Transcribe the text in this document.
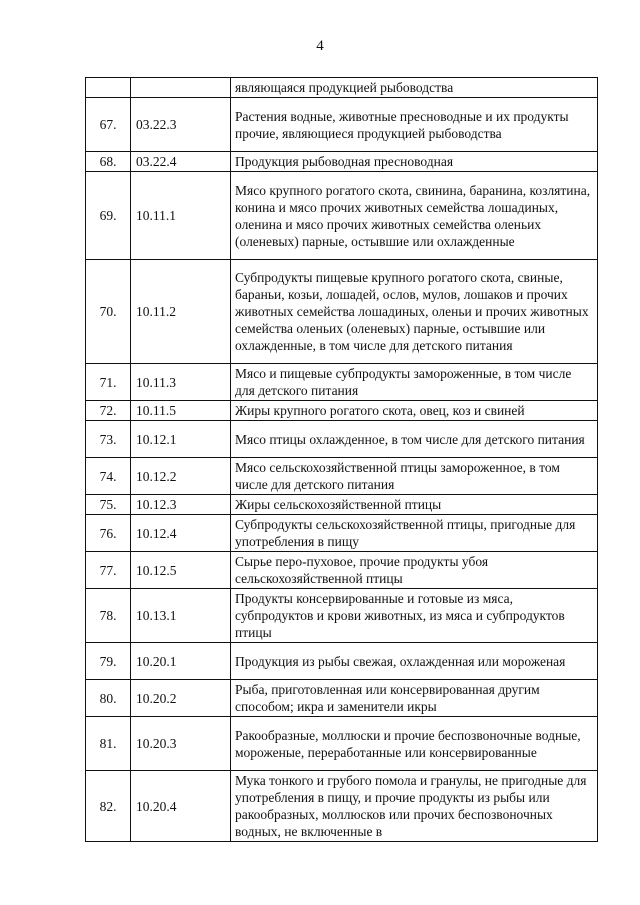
4
		являющаяся продукцией рыбоводства
67.	03.22.3	Растения водные, животные пресноводные и их продукты прочие, являющиеся продукцией рыбоводства
68.	03.22.4	Продукция рыбоводная пресноводная
69.	10.11.1	Мясо крупного рогатого скота, свинина, баранина, козлятина, конина и мясо прочих животных семейства лошадиных, оленина и мясо прочих животных семейства оленьих (оленевых) парные, остывшие или охлажденные
70.	10.11.2	Субпродукты пищевые крупного рогатого скота, свиные, бараньи, козьи, лошадей, ослов, мулов, лошаков и прочих животных семейства лошадиных, оленьи и прочих животных семейства оленьих (оленевых) парные, остывшие или охлажденные, в том числе для детского питания
71.	10.11.3	Мясо и пищевые субпродукты замороженные, в том числе для детского питания
72.	10.11.5	Жиры крупного рогатого скота, овец, коз и свиней
73.	10.12.1	Мясо птицы охлажденное, в том числе для детского питания
74.	10.12.2	Мясо сельскохозяйственной птицы замороженное, в том числе для детского питания
75.	10.12.3	Жиры сельскохозяйственной птицы
76.	10.12.4	Субпродукты сельскохозяйственной птицы, пригодные для употребления в пищу
77.	10.12.5	Сырье перо-пуховое, прочие продукты убоя сельскохозяйственной птицы
78.	10.13.1	Продукты консервированные и готовые из мяса, субпродуктов и крови животных, из мяса и субпродуктов птицы
79.	10.20.1	Продукция из рыбы свежая, охлажденная или мороженая
80.	10.20.2	Рыба, приготовленная или консервированная другим способом; икра и заменители икры
81.	10.20.3	Ракообразные, моллюски и прочие беспозвоночные водные, мороженые, переработанные или консервированные
82.	10.20.4	Мука тонкого и грубого помола и гранулы, не пригодные для употребления в пищу, и прочие продукты из рыбы или ракообразных, моллюсков или прочих беспозвоночных водных, не включенные в
